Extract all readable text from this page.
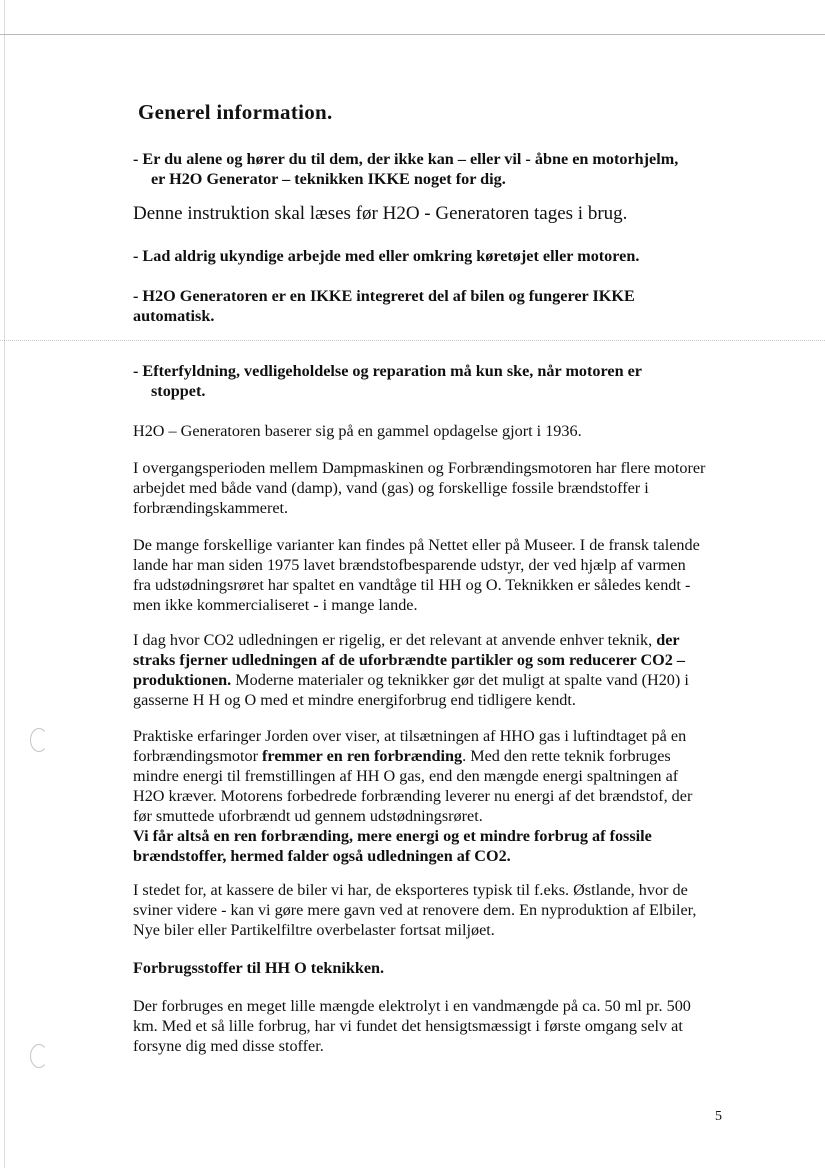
Generel information.
- Er du alene og hører du til dem, der ikke kan – eller vil - åbne en motorhjelm,
er H2O Generator – teknikken IKKE noget for dig.

Denne instruktion skal læses før H2O - Generatoren tages i brug.

- Lad aldrig ukyndige arbejde med eller omkring køretøjet eller motoren.
- H2O Generatoren er en IKKE integreret del af bilen og fungerer IKKE
automatisk.
- Efterfyldning, vedligeholdelse og reparation må kun ske, når motoren er
stoppet.
H2O – Generatoren baserer sig på en gammel opdagelse gjort i 1936.
I overgangsperioden mellem Dampmaskinen og Forbrændingsmotoren har flere motorer
arbejdet med både vand (damp), vand (gas) og forskellige fossile brændstoffer i
forbrændingskammeret.
De mange forskellige varianter kan findes på Nettet eller på Museer. I de fransk talende
lande har man siden 1975 lavet brændstofbesparende udstyr, der ved hjælp af varmen
fra udstødningsrøret har spaltet en vandtåge til HH og O. Teknikken er således kendt -
men ikke kommercialiseret - i mange lande.
I dag hvor CO2 udledningen er rigelig, er det relevant at anvende enhver teknik, der
straks fjerner udledningen af de uforbrændte partikler og som reducerer CO2 –
produktionen. Moderne materialer og teknikker gør det muligt at spalte vand (H20) i
gasserne H H og O med et mindre energiforbrug end tidligere kendt.
Praktiske erfaringer Jorden over viser, at tilsætningen af HHO gas i luftindtaget på en
forbrændingsmotor fremmer en ren forbrænding. Med den rette teknik forbruges
mindre energi til fremstillingen af HH O gas, end den mængde energi spaltningen af
H2O kræver. Motorens forbedrede forbrænding leverer nu energi af det brændstof, der
før smuttede uforbrændt ud gennem udstødningsrøret.
Vi får altså en ren forbrænding, mere energi og et mindre forbrug af fossile
brændstoffer, hermed falder også udledningen af CO2.
I stedet for, at kassere de biler vi har, de eksporteres typisk til f.eks. Østlande, hvor de
sviner videre - kan vi gøre mere gavn ved at renovere dem. En nyproduktion af Elbiler,
Nye biler eller Partikelfiltre overbelaster fortsat miljøet.
Forbrugsstoffer til HH O teknikken.
Der forbruges en meget lille mængde elektrolyt i en vandmængde på ca. 50 ml pr. 500
km. Med et så lille forbrug, har vi fundet det hensigtsmæssigt i første omgang selv at
forsyne dig med disse stoffer.
5
